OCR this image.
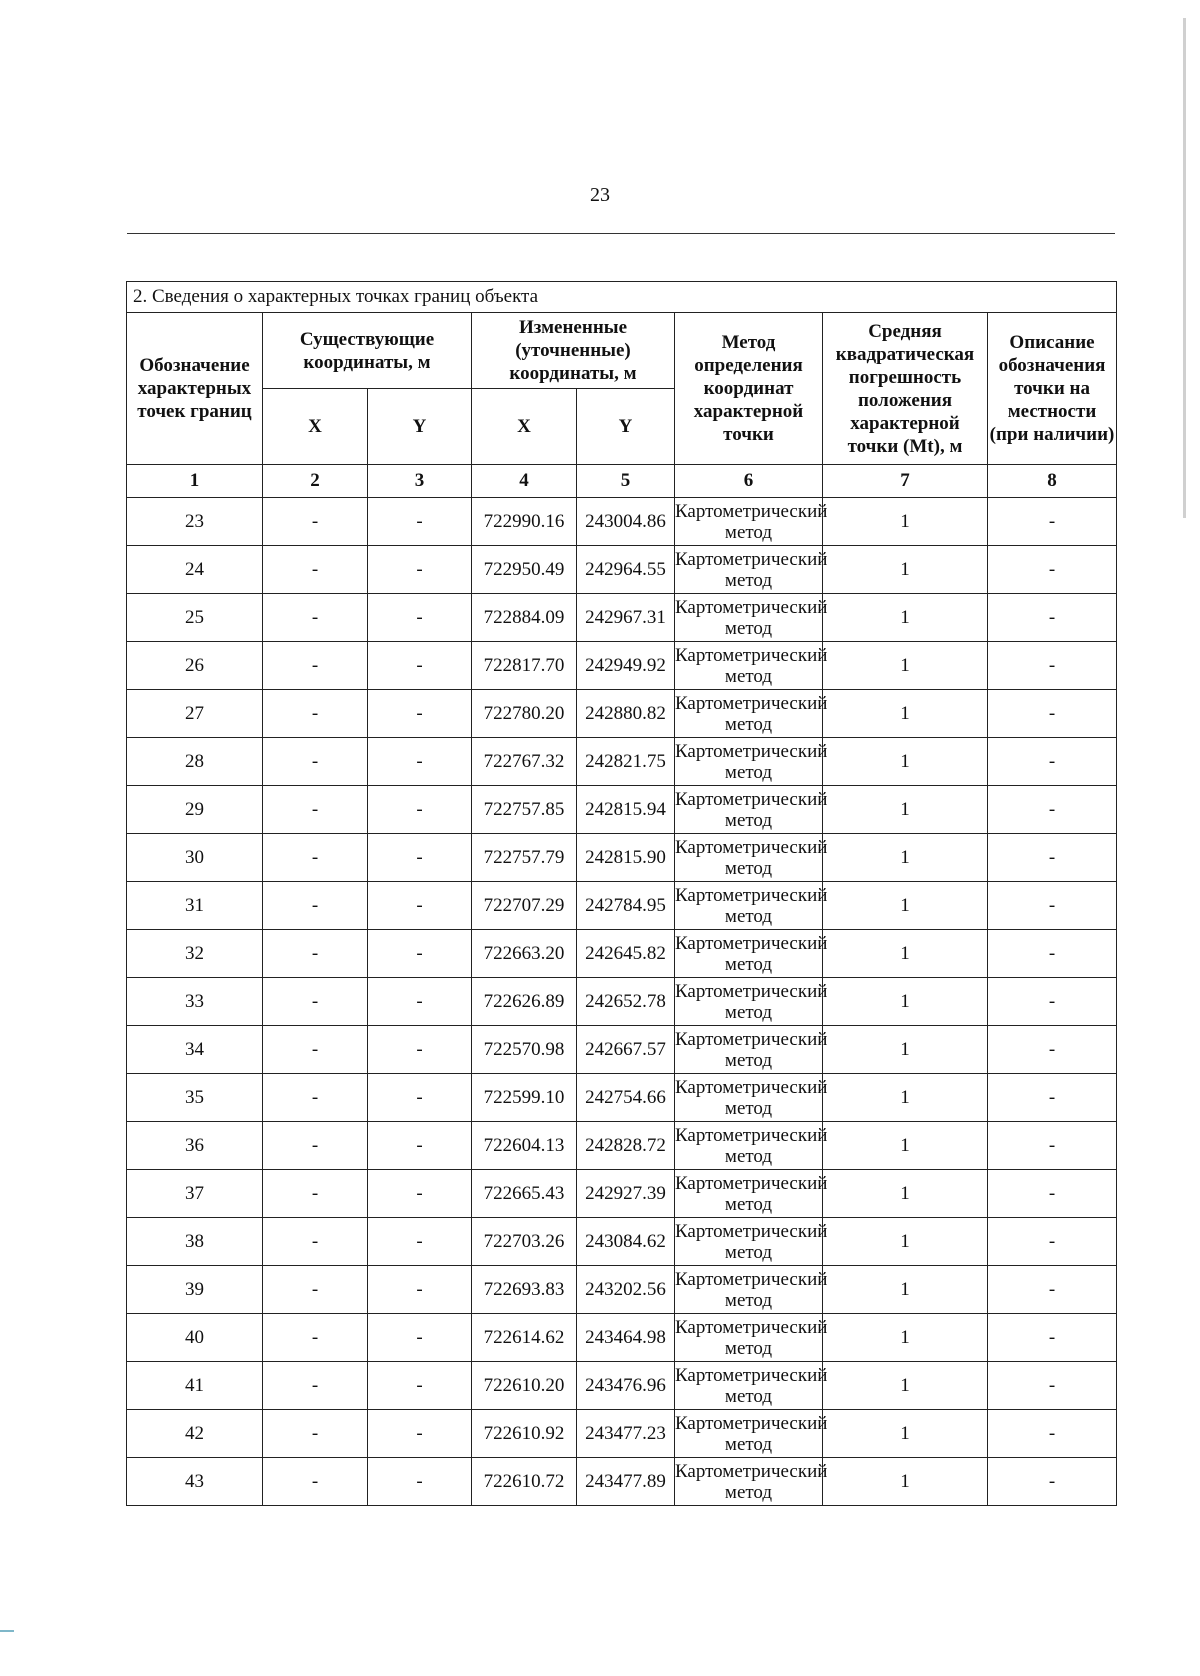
23
2. Сведения о характерных точках границ объекта							
Обозначение характерных точек границ	Существующие координаты, м		Измененные (уточненные) координаты, м		Метод определения координат характерной точки	Средняя квадратическая погрешность положения характерной точки (Mt), м	Описание обозначения точки на местности (при наличии)
	X	Y	X	Y			
1	2	3	4	5	6	7	8
23	-	-	722990.16	243004.86	Картометрический метод	1	-
24	-	-	722950.49	242964.55	Картометрический метод	1	-
25	-	-	722884.09	242967.31	Картометрический метод	1	-
26	-	-	722817.70	242949.92	Картометрический метод	1	-
27	-	-	722780.20	242880.82	Картометрический метод	1	-
28	-	-	722767.32	242821.75	Картометрический метод	1	-
29	-	-	722757.85	242815.94	Картометрический метод	1	-
30	-	-	722757.79	242815.90	Картометрический метод	1	-
31	-	-	722707.29	242784.95	Картометрический метод	1	-
32	-	-	722663.20	242645.82	Картометрический метод	1	-
33	-	-	722626.89	242652.78	Картометрический метод	1	-
34	-	-	722570.98	242667.57	Картометрический метод	1	-
35	-	-	722599.10	242754.66	Картометрический метод	1	-
36	-	-	722604.13	242828.72	Картометрический метод	1	-
37	-	-	722665.43	242927.39	Картометрический метод	1	-
38	-	-	722703.26	243084.62	Картометрический метод	1	-
39	-	-	722693.83	243202.56	Картометрический метод	1	-
40	-	-	722614.62	243464.98	Картометрический метод	1	-
41	-	-	722610.20	243476.96	Картометрический метод	1	-
42	-	-	722610.92	243477.23	Картометрический метод	1	-
43	-	-	722610.72	243477.89	Картометрический метод	1	-
